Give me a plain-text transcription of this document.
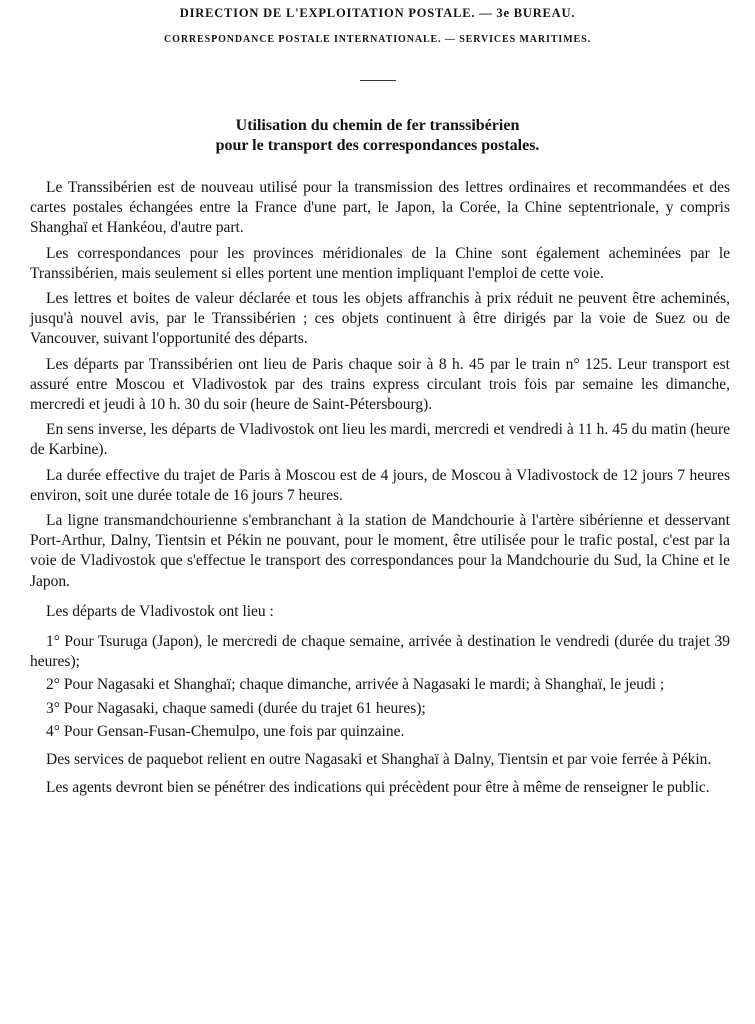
DIRECTION DE L'EXPLOITATION POSTALE. — 3e BUREAU.
CORRESPONDANCE POSTALE INTERNATIONALE. — SERVICES MARITIMES.
Utilisation du chemin de fer transsibérien
pour le transport des correspondances postales.

Le Transsibérien est de nouveau utilisé pour la transmission des lettres ordinaires et recommandées et des cartes postales échangées entre la France d'une part, le Japon, la Corée, la Chine septentrionale, y compris Shanghaï et Hankéou, d'autre part.

Les correspondances pour les provinces méridionales de la Chine sont également acheminées par le Transsibérien, mais seulement si elles portent une mention impliquant l'emploi de cette voie.

Les lettres et boites de valeur déclarée et tous les objets affranchis à prix réduit ne peuvent être acheminés, jusqu'à nouvel avis, par le Transsibérien ; ces objets continuent à être dirigés par la voie de Suez ou de Vancouver, suivant l'opportunité des départs.

Les départs par Transsibérien ont lieu de Paris chaque soir à 8 h. 45 par le train n° 125. Leur transport est assuré entre Moscou et Vladivostok par des trains express circulant trois fois par semaine les dimanche, mercredi et jeudi à 10 h. 30 du soir (heure de Saint-Pétersbourg).

En sens inverse, les départs de Vladivostok ont lieu les mardi, mercredi et vendredi à 11 h. 45 du matin (heure de Karbine).

La durée effective du trajet de Paris à Moscou est de 4 jours, de Moscou à Vladivostock de 12 jours 7 heures environ, soit une durée totale de 16 jours 7 heures.

La ligne transmandchourienne s'embranchant à la station de Mandchourie à l'artère sibérienne et desservant Port-Arthur, Dalny, Tientsin et Pékin ne pouvant, pour le moment, être utilisée pour le trafic postal, c'est par la voie de Vladivostok que s'effectue le transport des correspondances pour la Mandchourie du Sud, la Chine et le Japon.

Les départs de Vladivostok ont lieu :

1° Pour Tsuruga (Japon), le mercredi de chaque semaine, arrivée à destination le vendredi (durée du trajet 39 heures);

2° Pour Nagasaki et Shanghaï; chaque dimanche, arrivée à Nagasaki le mardi; à Shanghaï, le jeudi ;

3° Pour Nagasaki, chaque samedi (durée du trajet 61 heures);

4° Pour Gensan-Fusan-Chemulpo, une fois par quinzaine.

Des services de paquebot relient en outre Nagasaki et Shanghaï à Dalny, Tientsin et par voie ferrée à Pékin.

Les agents devront bien se pénétrer des indications qui précèdent pour être à même de renseigner le public.
